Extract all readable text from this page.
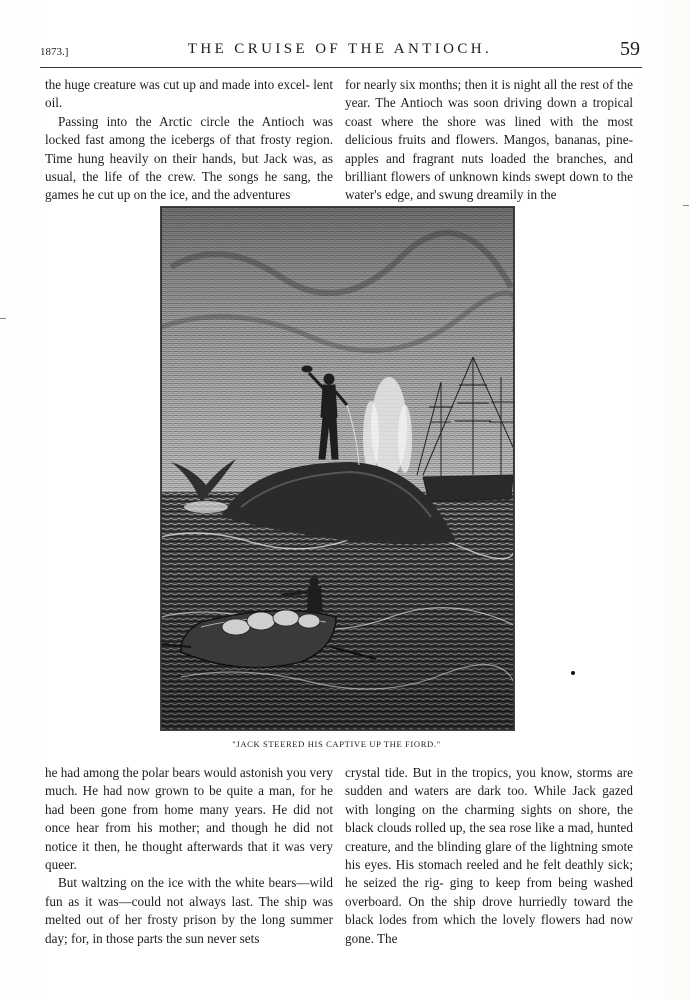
1873.]	THE CRUISE OF THE ANTIOCH.	59

the huge creature was cut up and made into excel- lent oil.

Passing into the Arctic circle the Antioch was locked fast among the icebergs of that frosty region. Time hung heavily on their hands, but Jack was, as usual, the life of the crew. The songs he sang, the games he cut up on the ice, and the adventures

for nearly six months; then it is night all the rest of the year. The Antioch was soon driving down a tropical coast where the shore was lined with the most delicious fruits and flowers. Mangos, bananas, pine-apples and fragrant nuts loaded the branches, and brilliant flowers of unknown kinds swept down to the water's edge, and swung dreamily in the

"JACK STEERED HIS CAPTIVE UP THE FIORD."

he had among the polar bears would astonish you very much. He had now grown to be quite a man, for he had been gone from home many years. He did not once hear from his mother; and though he did not notice it then, he thought afterwards that it was very queer.

But waltzing on the ice with the white bears—wild fun as it was—could not always last. The ship was melted out of her frosty prison by the long summer day; for, in those parts the sun never sets

crystal tide. But in the tropics, you know, storms are sudden and waters are dark too. While Jack gazed with longing on the charming sights on shore, the black clouds rolled up, the sea rose like a mad, hunted creature, and the blinding glare of the lightning smote his eyes. His stomach reeled and he felt deathly sick; he seized the rig- ging to keep from being washed overboard. On the ship drove hurriedly toward the black lodes from which the lovely flowers had now gone. The
